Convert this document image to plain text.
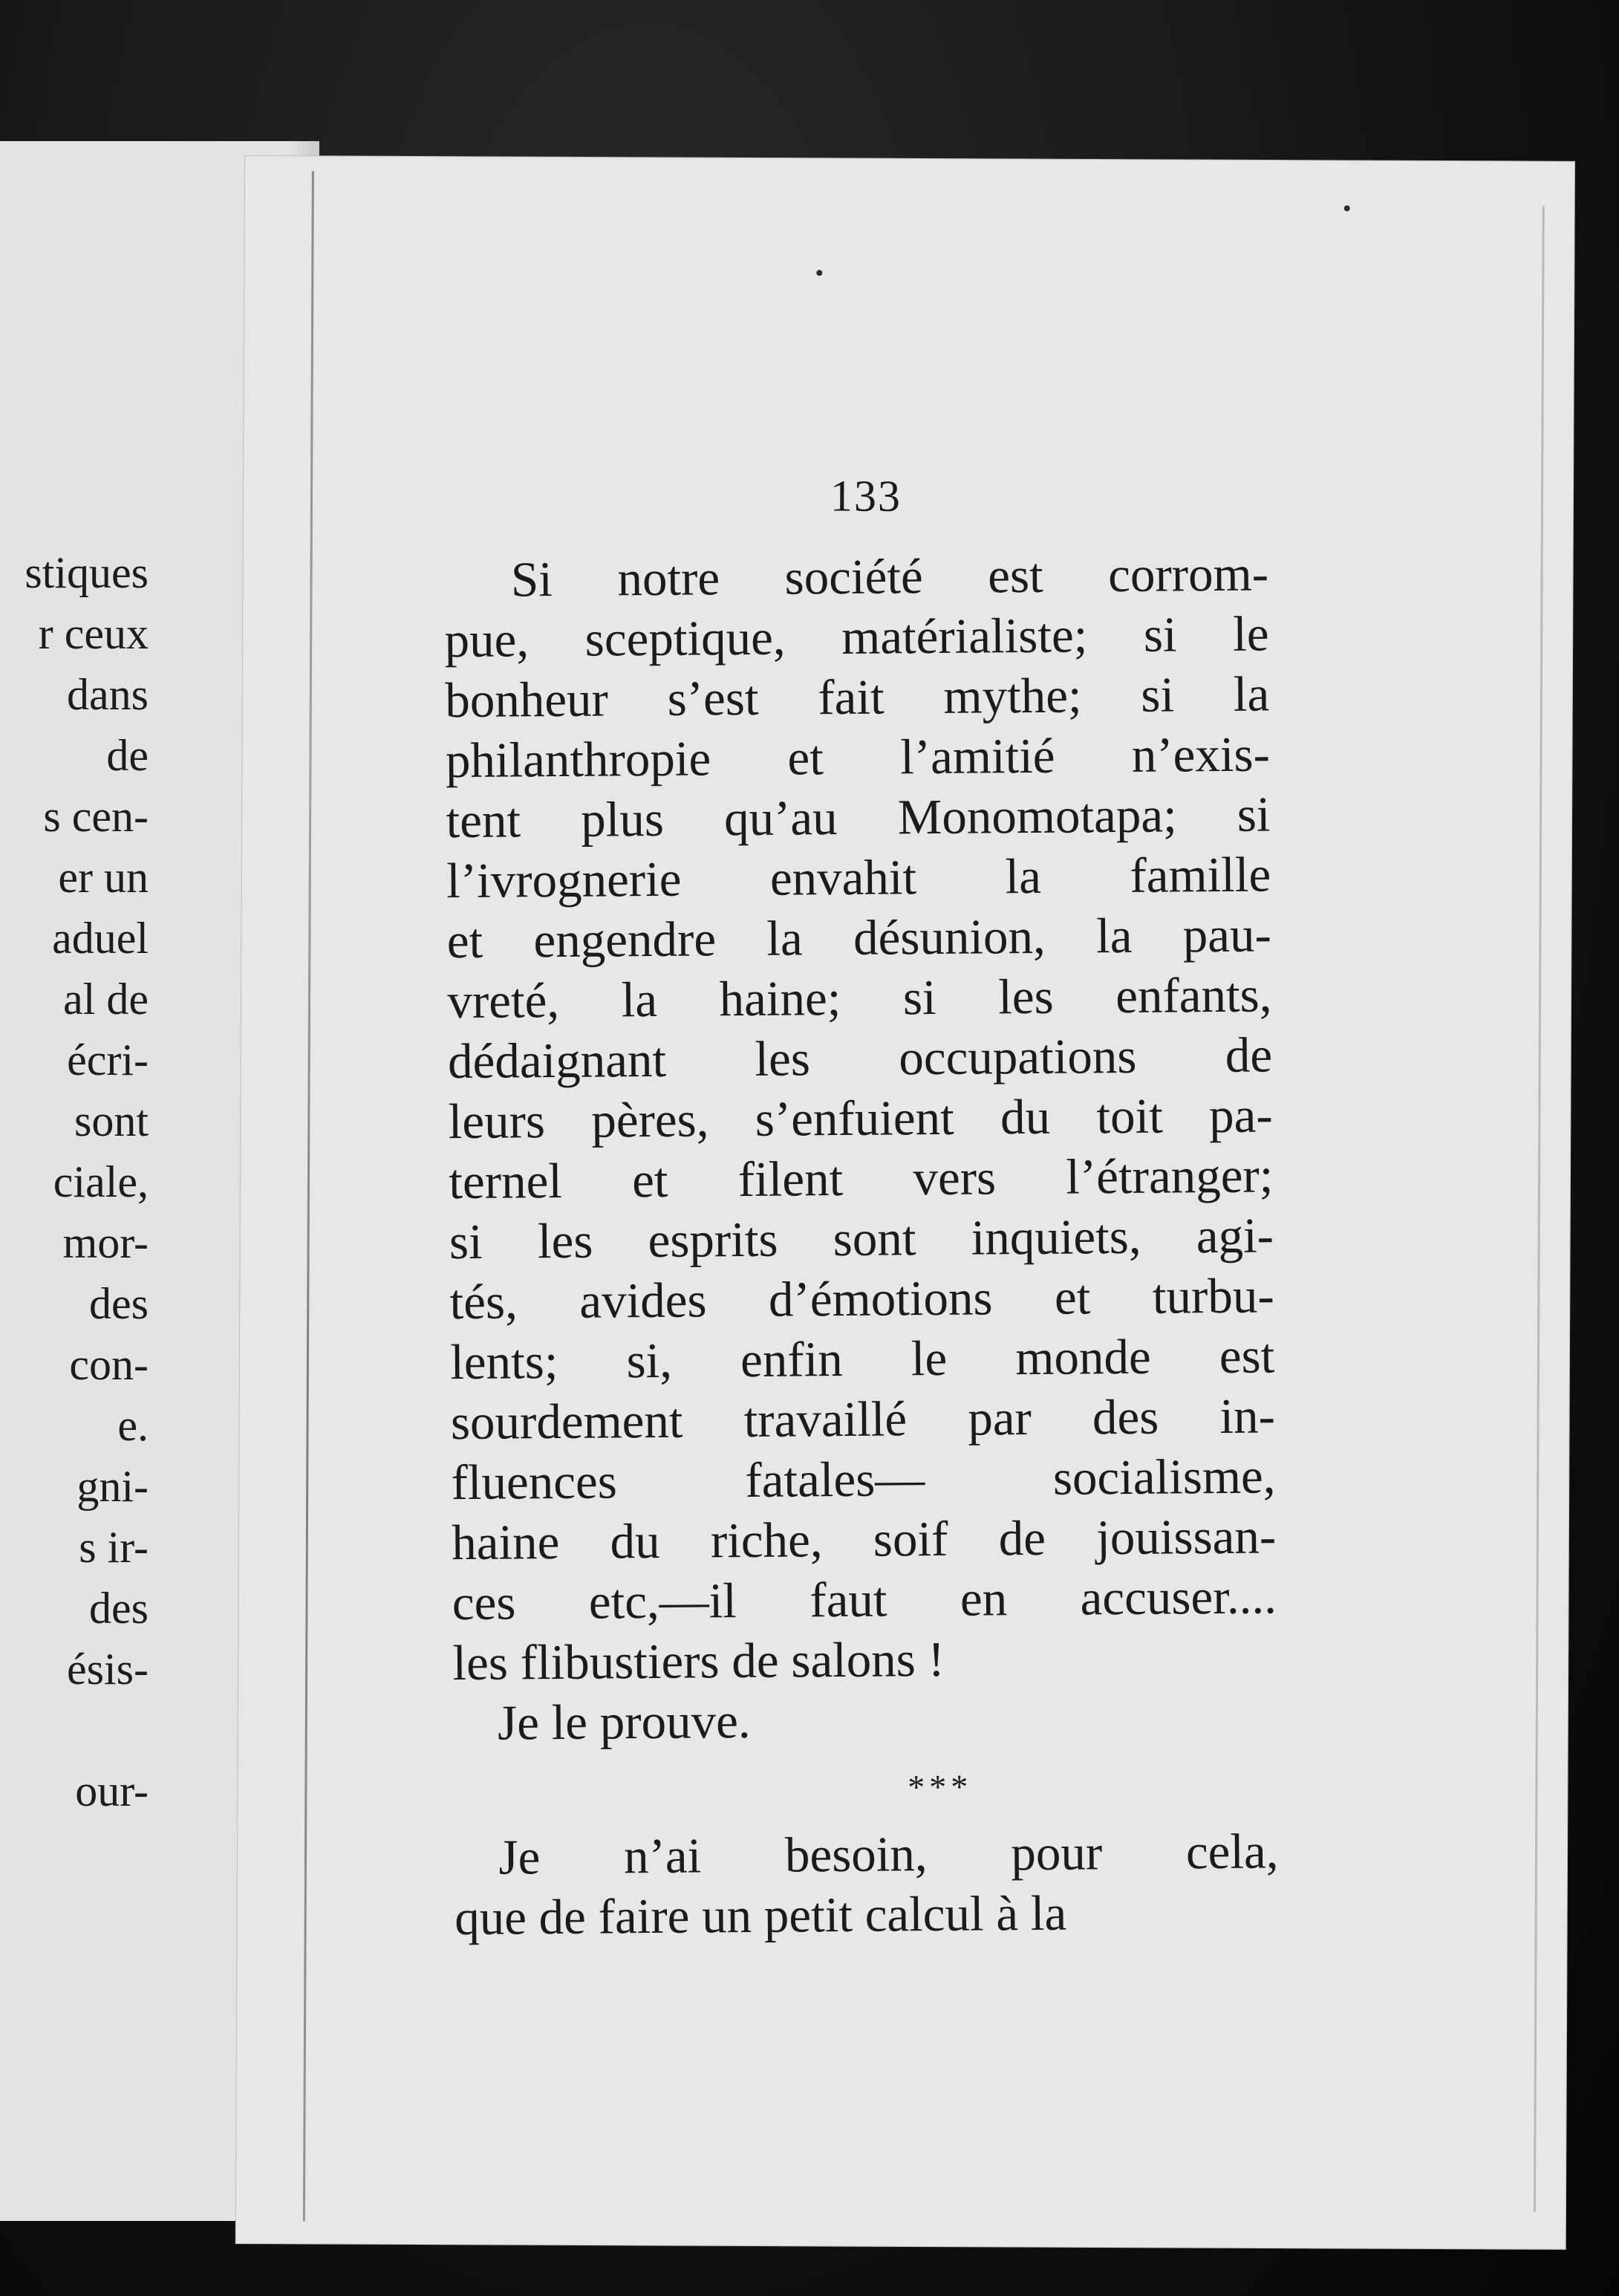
stiques
r ceux
dans
de
s cen-
er un
aduel
al de
écri-
sont
ciale,
mor-
des
con-
e.
gni-
s ir-
des
ésis-
our-
133
Si notre société est corrom-
pue, sceptique, matérialiste; si le
bonheur s’est fait mythe; si la
philanthropie et l’amitié n’exis-
tent plus qu’au Monomotapa; si
l’ivrognerie envahit la famille
et engendre la désunion, la pau-
vreté, la haine; si les enfants,
dédaignant les occupations de
leurs pères, s’enfuient du toit pa-
ternel et filent vers l’étranger;
si les esprits sont inquiets, agi-
tés, avides d’émotions et turbu-
lents; si, enfin le monde est
sourdement travaillé par des in-
fluences fatales— socialisme,
haine du riche, soif de jouissan-
ces etc,—il faut en accuser....
les flibustiers de salons !
Je le prouve.
***
Je n’ai besoin, pour cela,
que de faire un petit calcul à la
